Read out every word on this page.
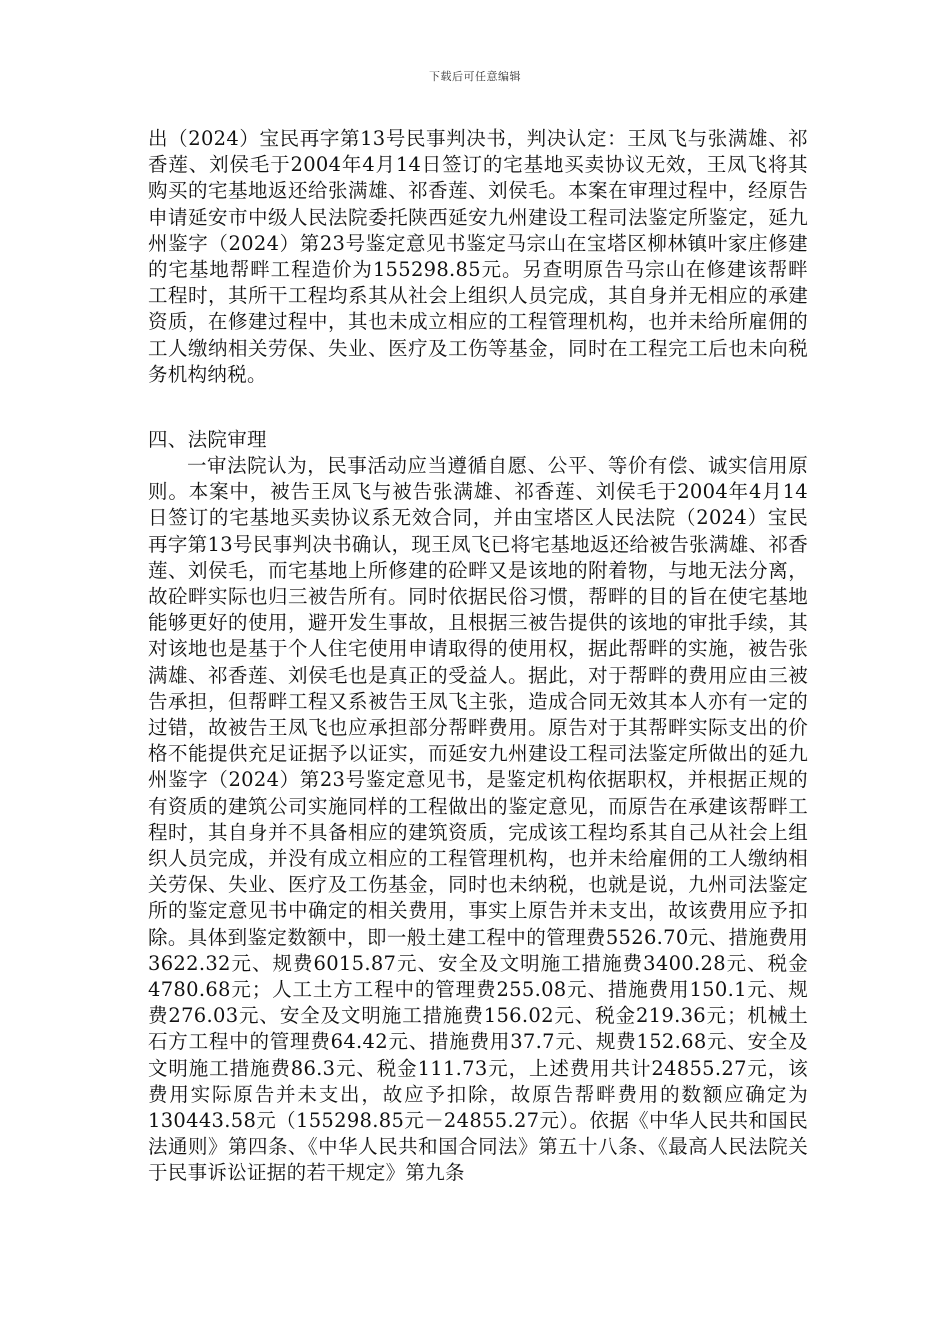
下载后可任意编辑
出（2024）宝民再字第13号民事判决书，判决认定：王凤飞与张满雄、祁香莲、刘侯毛于2004年4月14日签订的宅基地买卖协议无效，王凤飞将其购买的宅基地返还给张满雄、祁香莲、刘侯毛。本案在审理过程中，经原告申请延安市中级人民法院委托陕西延安九州建设工程司法鉴定所鉴定，延九州鉴字（2024）第23号鉴定意见书鉴定马宗山在宝塔区柳林镇叶家庄修建的宅基地帮畔工程造价为155298.85元。另查明原告马宗山在修建该帮畔工程时，其所干工程均系其从社会上组织人员完成，其自身并无相应的承建资质，在修建过程中，其也未成立相应的工程管理机构，也并未给所雇佣的工人缴纳相关劳保、失业、医疗及工伤等基金，同时在工程完工后也未向税务机构纳税。
四、法院审理
一审法院认为，民事活动应当遵循自愿、公平、等价有偿、诚实信用原则。本案中，被告王凤飞与被告张满雄、祁香莲、刘侯毛于2004年4月14日签订的宅基地买卖协议系无效合同，并由宝塔区人民法院（2024）宝民再字第13号民事判决书确认，现王凤飞已将宅基地返还给被告张满雄、祁香莲、刘侯毛，而宅基地上所修建的砼畔又是该地的附着物，与地无法分离，故砼畔实际也归三被告所有。同时依据民俗习惯，帮畔的目的旨在使宅基地能够更好的使用，避开发生事故，且根据三被告提供的该地的审批手续，其对该地也是基于个人住宅使用申请取得的使用权，据此帮畔的实施，被告张满雄、祁香莲、刘侯毛也是真正的受益人。据此，对于帮畔的费用应由三被告承担，但帮畔工程又系被告王凤飞主张，造成合同无效其本人亦有一定的过错，故被告王凤飞也应承担部分帮畔费用。原告对于其帮畔实际支出的价格不能提供充足证据予以证实，而延安九州建设工程司法鉴定所做出的延九州鉴字（2024）第23号鉴定意见书，是鉴定机构依据职权，并根据正规的有资质的建筑公司实施同样的工程做出的鉴定意见，而原告在承建该帮畔工程时，其自身并不具备相应的建筑资质，完成该工程均系其自己从社会上组织人员完成，并没有成立相应的工程管理机构，也并未给雇佣的工人缴纳相关劳保、失业、医疗及工伤基金，同时也未纳税，也就是说，九州司法鉴定所的鉴定意见书中确定的相关费用，事实上原告并未支出，故该费用应予扣除。具体到鉴定数额中，即一般土建工程中的管理费5526.70元、措施费用3622.32元、规费6015.87元、安全及文明施工措施费3400.28元、税金4780.68元；人工土方工程中的管理费255.08元、措施费用150.1元、规费276.03元、安全及文明施工措施费156.02元、税金219.36元；机械土石方工程中的管理费64.42元、措施费用37.7元、规费152.68元、安全及文明施工措施费86.3元、税金111.73元，上述费用共计24855.27元，该费用实际原告并未支出，故应予扣除，故原告帮畔费用的数额应确定为130443.58元（155298.85元－24855.27元）。依据《中华人民共和国民法通则》第四条、《中华人民共和国合同法》第五十八条、《最高人民法院关于民事诉讼证据的若干规定》第九条
